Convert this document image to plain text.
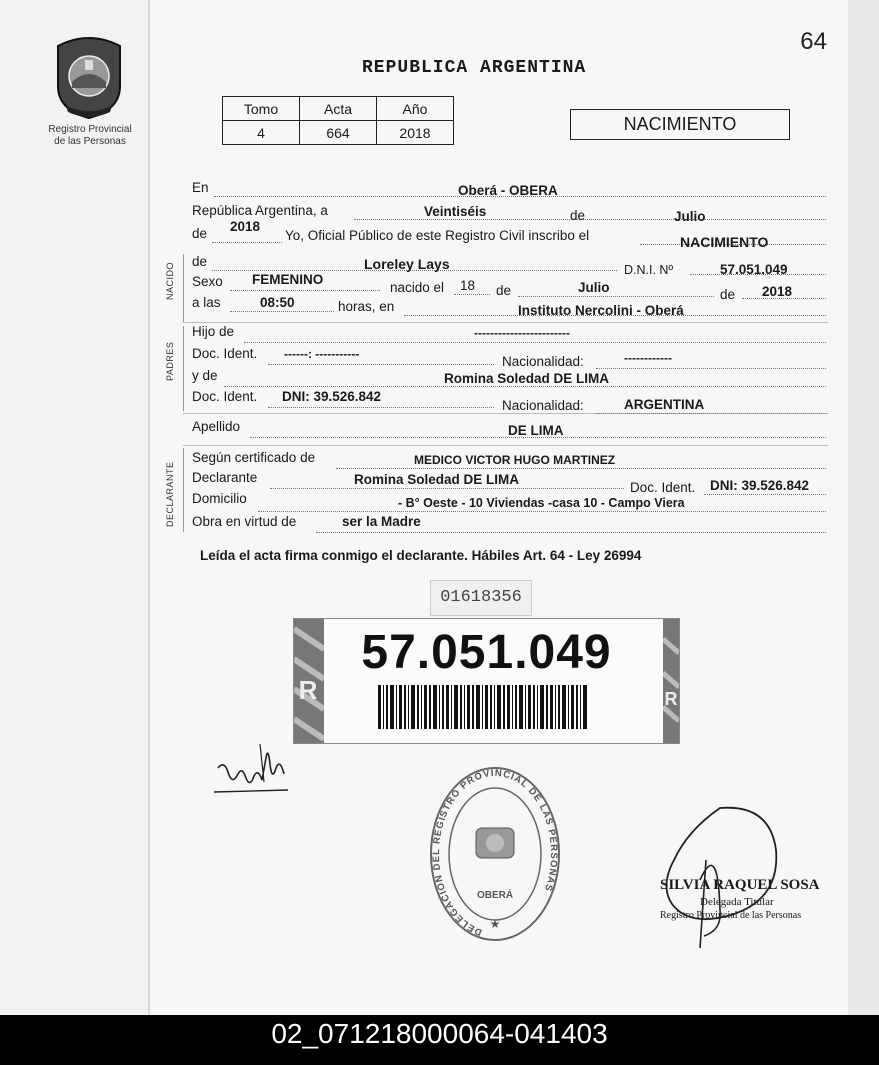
Registro Provincial
de las Personas
64
REPUBLICA ARGENTINA
Tomo	Acta	Año
4	664	2018	NACIMIENTO
NACIDO
PADRES
DECLARANTE
En	Oberá - OBERA
República Argentina, a	Veintiséis	de	Julio
de 2018
Yo, Oficial Público de este Registro Civil inscribo el	NACIMIENTO
de	Loreley Lays	D.N.I. Nº	57.051.049
Sexo FEMENINO
nacido el 18 de	Julio	de 2018
a las	08:50	horas, en	Instituto Nercolini - Oberá
Hijo de	------------------------
Doc. Ident. ------: -----------	Nacionalidad:	------------
y de	Romina Soledad DE LIMA
Doc. Ident. DNI: 39.526.842
Nacionalidad:	ARGENTINA
Apellido	DE LIMA
Según certificado de	MEDICO VICTOR HUGO MARTINEZ
Declarante	Romina Soledad DE LIMA
Doc. Ident. DNI: 39.526.842
Domicilio	- B° Oeste - 10 Viviendas -casa 10 - Campo Viera
Obra en virtud de	ser la Madre
Leída el acta firma conmigo el declarante. Hábiles Art. 64 - Ley 26994
01618356
R	R
57.051.049
DELEGACION DEL REGISTRO PROVINCIAL DE LAS PERSONAS
OBERÁ
★
SILVIA RAQUEL SOSA
Delegada Titular
Registro Provincial de las Personas
02_071218000064-041403
